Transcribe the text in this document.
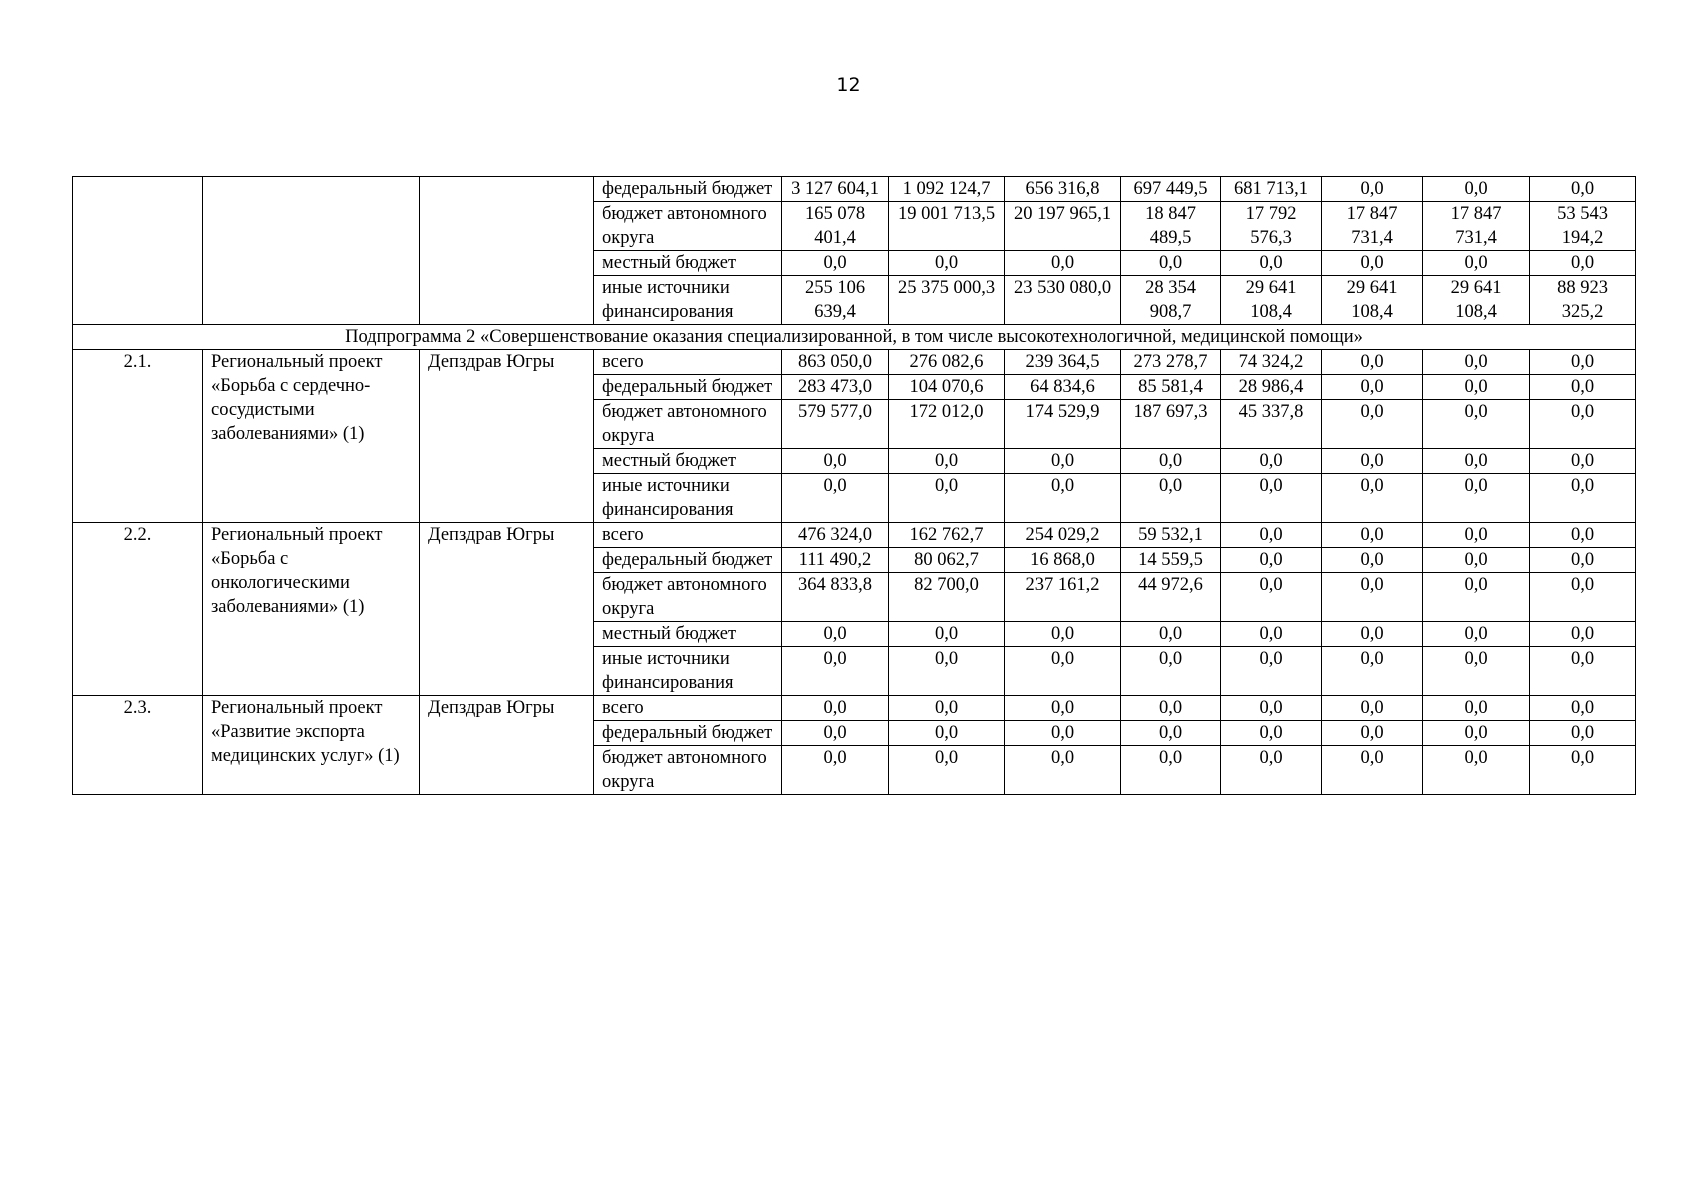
12
			федеральный бюджет	3 127 604,1	1 092 124,7	656 316,8	697 449,5	681 713,1	0,0	0,0	0,0
			бюджет автономного округа	165 078 401,4	19 001 713,5	20 197 965,1	18 847 489,5	17 792 576,3	17 847 731,4	17 847 731,4	53 543 194,2
			местный бюджет	0,0	0,0	0,0	0,0	0,0	0,0	0,0	0,0
			иные источники финансирования	255 106 639,4	25 375 000,3	23 530 080,0	28 354 908,7	29 641 108,4	29 641 108,4	29 641 108,4	88 923 325,2
Подпрограмма 2 «Совершенствование оказания специализированной, в том числе высокотехнологичной, медицинской помощи»											
2.1.	Региональный проект «Борьба с сердечно-сосудистыми заболеваниями» (1)	Депздрав Югры	всего	863 050,0	276 082,6	239 364,5	273 278,7	74 324,2	0,0	0,0	0,0
			федеральный бюджет	283 473,0	104 070,6	64 834,6	85 581,4	28 986,4	0,0	0,0	0,0
			бюджет автономного округа	579 577,0	172 012,0	174 529,9	187 697,3	45 337,8	0,0	0,0	0,0
			местный бюджет	0,0	0,0	0,0	0,0	0,0	0,0	0,0	0,0
			иные источники финансирования	0,0	0,0	0,0	0,0	0,0	0,0	0,0	0,0
2.2.	Региональный проект «Борьба с онкологическими заболеваниями» (1)	Депздрав Югры	всего	476 324,0	162 762,7	254 029,2	59 532,1	0,0	0,0	0,0	0,0
			федеральный бюджет	111 490,2	80 062,7	16 868,0	14 559,5	0,0	0,0	0,0	0,0
			бюджет автономного округа	364 833,8	82 700,0	237 161,2	44 972,6	0,0	0,0	0,0	0,0
			местный бюджет	0,0	0,0	0,0	0,0	0,0	0,0	0,0	0,0
			иные источники финансирования	0,0	0,0	0,0	0,0	0,0	0,0	0,0	0,0
2.3.	Региональный проект «Развитие экспорта медицинских услуг» (1)	Депздрав Югры	всего	0,0	0,0	0,0	0,0	0,0	0,0	0,0	0,0
			федеральный бюджет	0,0	0,0	0,0	0,0	0,0	0,0	0,0	0,0
			бюджет автономного округа	0,0	0,0	0,0	0,0	0,0	0,0	0,0	0,0
